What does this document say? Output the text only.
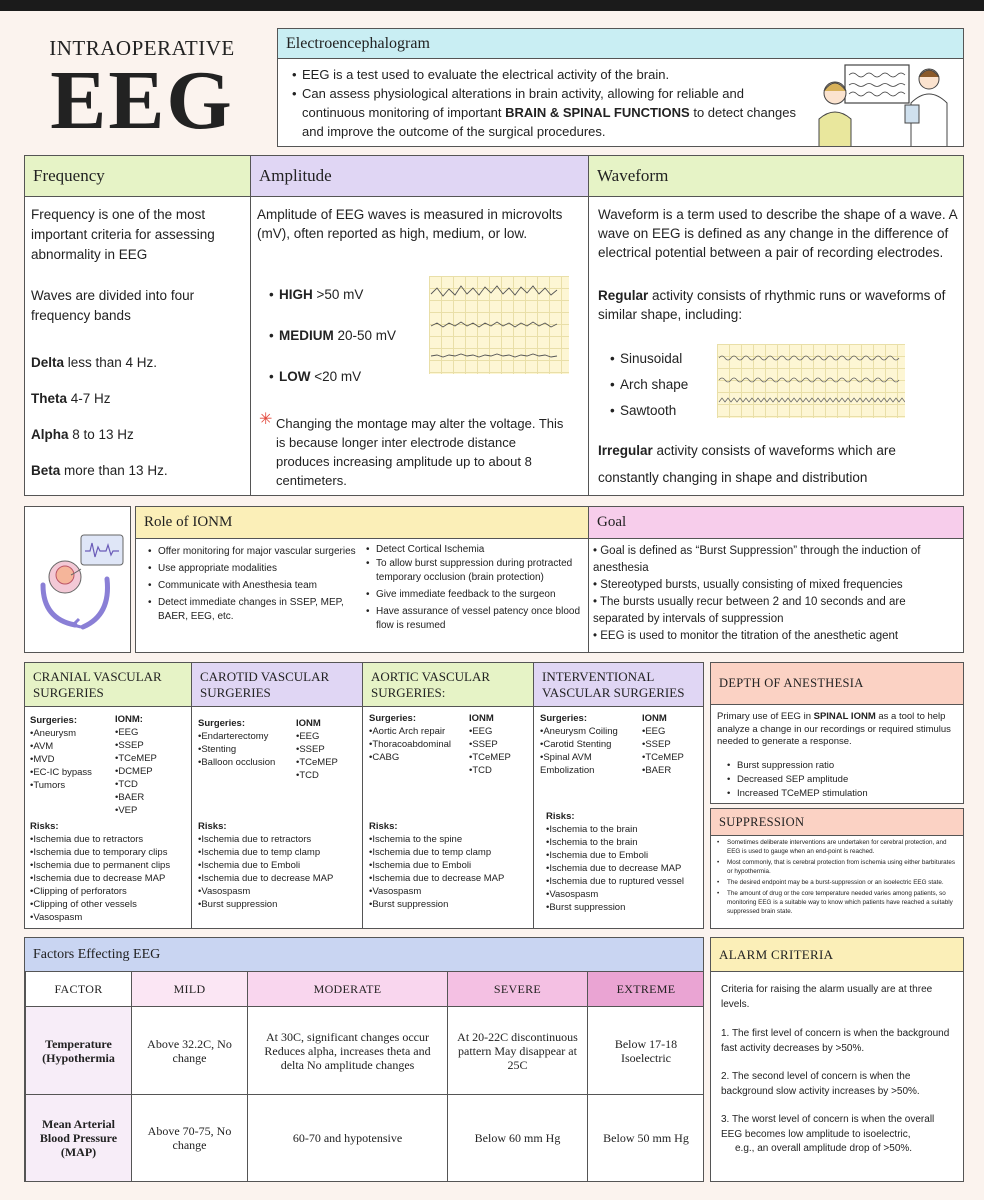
INTRAOPERATIVE
EEG
Electroencephalogram
• EEG is a test used to evaluate the electrical activity of the brain.
• Can assess physiological alterations in brain activity, allowing for reliable and continuous monitoring of important BRAIN & SPINAL FUNCTIONS to detect changes and improve the outcome of the surgical procedures.
Frequency

Frequency is one of the most important criteria for assessing abnormality in EEG

Waves are divided into four frequency bands

Delta less than 4 Hz.

Theta 4-7 Hz

Alpha 8 to 13 Hz

Beta more than 13 Hz.

Amplitude

Amplitude of EEG waves is measured in microvolts (mV), often reported as high, medium, or low.

• HIGH >50 mV
• MEDIUM 20-50 mV
• LOW <20 mV
✳ Changing the montage may alter the voltage. This is because longer inter electrode distance produces increasing amplitude up to about 8 centimeters.

Waveform

Waveform is a term used to describe the shape of a wave. A wave on EEG is defined as any change in the difference of electrical potential between a pair of recording electrodes.

Regular activity consists of rhythmic runs or waveforms of similar shape, including:

• Sinusoidal
• Arch shape
• Sawtooth

Irregular activity consists of waveforms which are constantly changing in shape and distribution

Role of IONM
• Offer monitoring for major vascular surgeries
• Use appropriate modalities
• Communicate with Anesthesia team
• Detect immediate changes in SSEP, MEP, BAER, EEG, etc.
• Detect Cortical Ischemia
• To allow burst suppression during protracted temporary occlusion (brain protection)
• Give immediate feedback to the surgeon
• Have assurance of vessel patency once blood flow is resumed
Goal

• Goal is defined as “Burst Suppression” through the induction of anesthesia

• Stereotyped bursts, usually consisting of mixed frequencies

• The bursts usually recur between 2 and 10 seconds and are separated by intervals of suppression

• EEG is used to monitor the titration of the anesthetic agent

CRANIAL VASCULAR SURGERIES
Surgeries:
• Aneurysm
• AVM
• MVD
• EC-IC bypass
• Tumors
IONM:
• EEG
• SSEP
• TCeMEP
• DCMEP
• TCD
• BAER
• VEP
Risks:
• Ischemia due to retractors
• Ischemia due to temporary clips
• Ischemia due to permanent clips
• Ischemia due to decrease MAP
• Clipping of perforators
• Clipping of other vessels
• Vasospasm
CAROTID VASCULAR SURGERIES
Surgeries:
• Endarterectomy
• Stenting
• Balloon occlusion
IONM
• EEG
• SSEP
• TCeMEP
• TCD
Risks:
• Ischemia due to retractors
• Ischemia due to temp clamp
• Ischemia due to Emboli
• Ischemia due to decrease MAP
• Vasospasm
• Burst suppression
AORTIC VASCULAR SURGERIES:
Surgeries:
• Aortic Arch repair
• Thoracoabdominal
• CABG
IONM
• EEG
• SSEP
• TCeMEP
• TCD
Risks:
• Ischemia to the spine
• Ischemia due to temp clamp
• Ischemia due to Emboli
• Ischemia due to decrease MAP
• Vasospasm
• Burst suppression
INTERVENTIONAL VASCULAR SURGERIES
Surgeries:
• Aneurysm Coiling
• Carotid Stenting
• Spinal AVM Embolization
IONM
• EEG
• SSEP
• TCeMEP
• BAER
Risks:
• Ischemia to the brain
• Ischemia to the brain
• Ischemia due to Emboli
• Ischemia due to decrease MAP
• Ischemia due to ruptured vessel
• Vasospasm
• Burst suppression
DEPTH OF ANESTHESIA

Primary use of EEG in SPINAL IONM as a tool to help analyze a change in our recordings or required stimulus needed to generate a response.

• Burst suppression ratio
• Decreased SEP amplitude
• Increased TCeMEP stimulation
SUPPRESSION
• Sometimes deliberate interventions are undertaken for cerebral protection, and EEG is used to gauge when an end-point is reached.
• Most commonly, that is cerebral protection from ischemia using either barbiturates or hypothermia.
• The desired endpoint may be a burst-suppression or an isoelectric EEG state.
• The amount of drug or the core temperature needed varies among patients, so monitoring EEG is a suitable way to know which patients have reached a suitably suppressed brain state.
Factors Effecting EEG
FACTOR	MILD	MODERATE	SEVERE	EXTREME
Temperature (Hypothermia	Above 32.2C, No change	At 30C, significant changes occur Reduces alpha, increases theta and delta No amplitude changes	At 20-22C discontinuous pattern May disappear at 25C	Below 17-18 Isoelectric
Mean Arterial Blood Pressure (MAP)	Above 70-75, No change	60-70 and hypotensive	Below 60 mm Hg	Below 50 mm Hg
ALARM CRITERIA

Criteria for raising the alarm usually are at three levels.

1. The first level of concern is when the background fast activity decreases by >50%.

2. The second level of concern is when the background slow activity increases by >50%.

3. The worst level of concern is when the overall EEG becomes low amplitude to isoelectric,

e.g., an overall amplitude drop of >50%.
